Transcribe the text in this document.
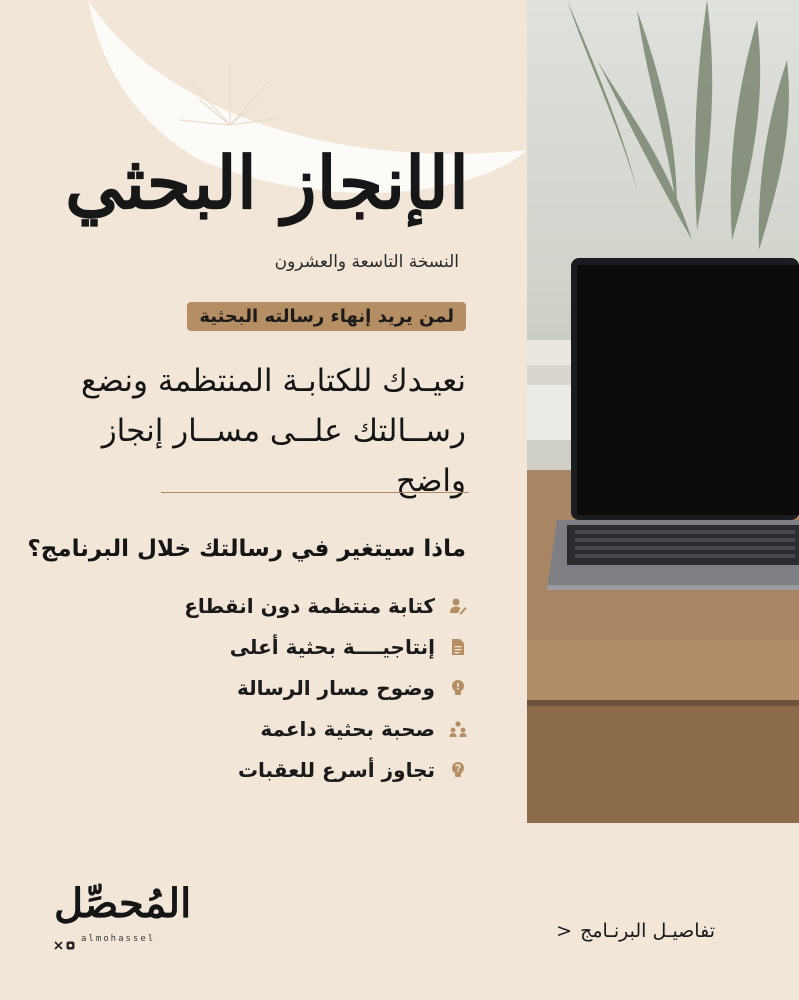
الإنجاز البحثي
النسخة التاسعة والعشرون
لمن يريد إنهاء رسالته البحثية
نعيـدك للكتابـة المنتظمة ونضع
رســالتك علــى مســار إنجاز واضح
ماذا سيتغير في رسالتك خلال البرنامج؟
كتابة منتظمة دون انقطاع
إنتاجيــــة بحثية أعلى
وضوح مسار الرسالة
صحبة بحثية داعمة
تجاوز أسرع للعقبات
المُحصِّل
almohassel	تفاصيـل البرنـامج
<
